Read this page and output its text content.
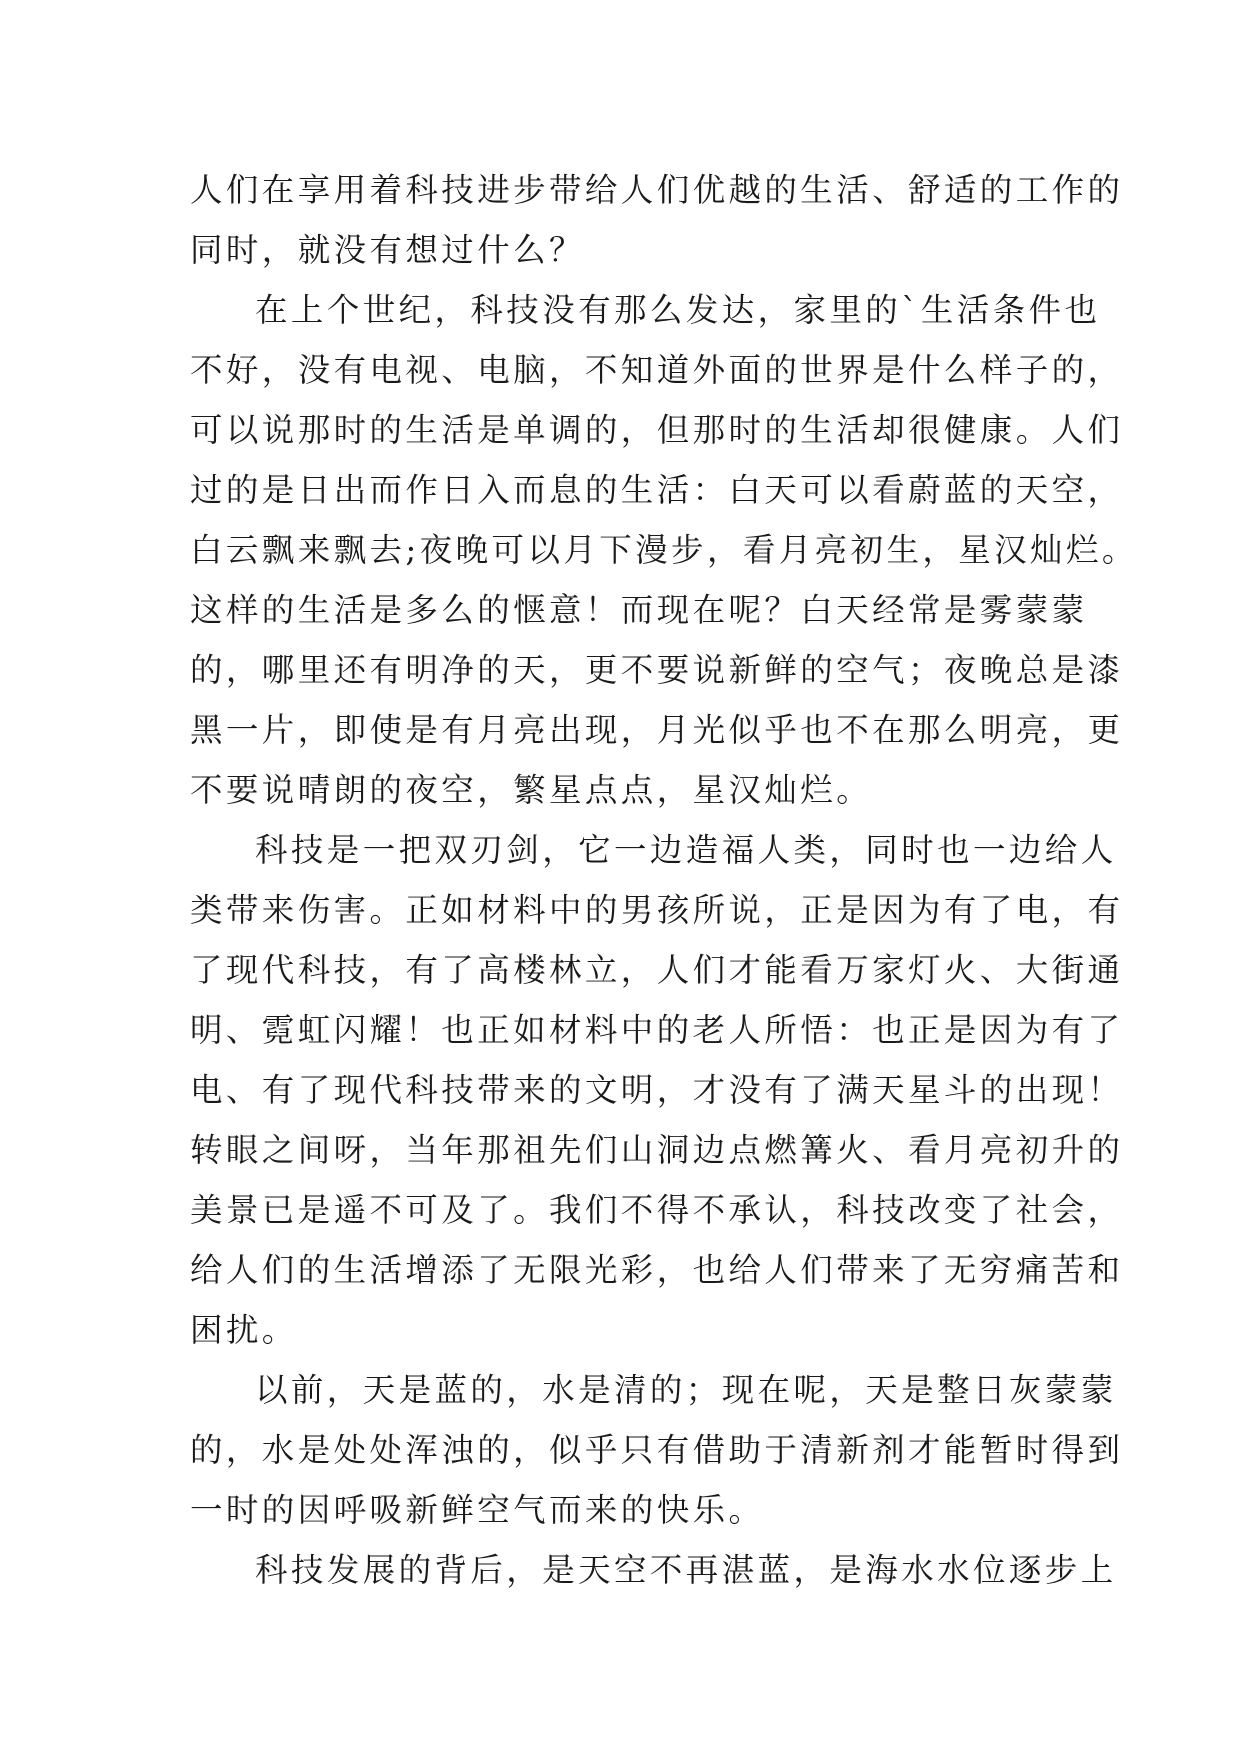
人们在享用着科技进步带给人们优越的生活、舒适的工作的
同时，就没有想过什么？

在上个世纪，科技没有那么发达，家里的`生活条件也
不好，没有电视、电脑，不知道外面的世界是什么样子的，
可以说那时的生活是单调的，但那时的生活却很健康。人们
过的是日出而作日入而息的生活：白天可以看蔚蓝的天空，
白云飘来飘去;夜晚可以月下漫步，看月亮初生，星汉灿烂。
这样的生活是多么的惬意！而现在呢？白天经常是雾蒙蒙
的，哪里还有明净的天，更不要说新鲜的空气；夜晚总是漆
黑一片，即使是有月亮出现，月光似乎也不在那么明亮，更
不要说晴朗的夜空，繁星点点，星汉灿烂。

科技是一把双刃剑，它一边造福人类，同时也一边给人
类带来伤害。正如材料中的男孩所说，正是因为有了电，有
了现代科技，有了高楼林立，人们才能看万家灯火、大街通
明、霓虹闪耀！也正如材料中的老人所悟：也正是因为有了
电、有了现代科技带来的文明，才没有了满天星斗的出现！
转眼之间呀，当年那祖先们山洞边点燃篝火、看月亮初升的
美景已是遥不可及了。我们不得不承认，科技改变了社会，
给人们的生活增添了无限光彩，也给人们带来了无穷痛苦和
困扰。

以前，天是蓝的，水是清的；现在呢，天是整日灰蒙蒙
的，水是处处浑浊的，似乎只有借助于清新剂才能暂时得到
一时的因呼吸新鲜空气而来的快乐。

科技发展的背后，是天空不再湛蓝，是海水水位逐步上
